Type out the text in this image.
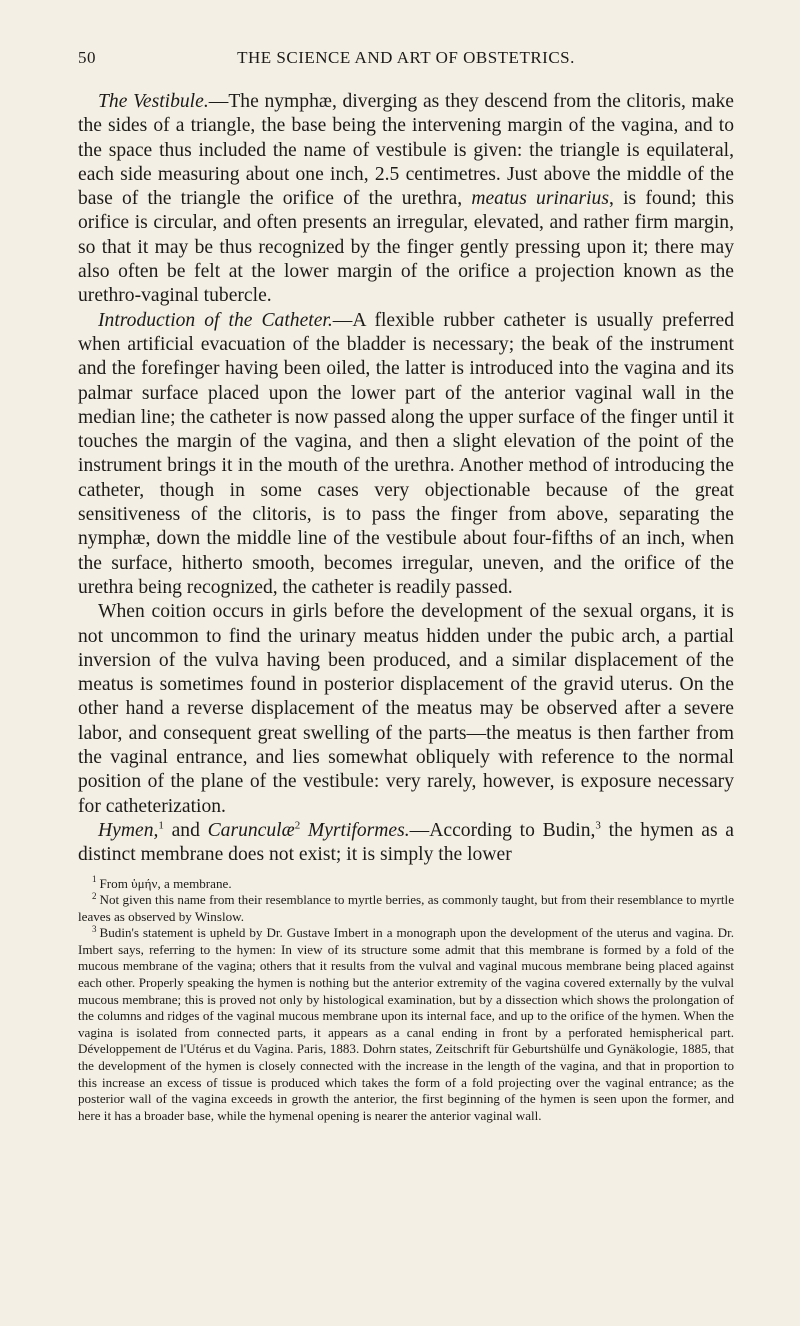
50	THE SCIENCE AND ART OF OBSTETRICS.

The Vestibule.—The nymphæ, diverging as they descend from the clitoris, make the sides of a triangle, the base being the intervening margin of the vagina, and to the space thus included the name of vestibule is given: the triangle is equilateral, each side measuring about one inch, 2.5 centimetres. Just above the middle of the base of the triangle the orifice of the urethra, meatus urinarius, is found; this orifice is circular, and often presents an irregular, elevated, and rather firm margin, so that it may be thus recognized by the finger gently pressing upon it; there may also often be felt at the lower margin of the orifice a projection known as the urethro-vaginal tubercle.

Introduction of the Catheter.—A flexible rubber catheter is usually preferred when artificial evacuation of the bladder is necessary; the beak of the instrument and the forefinger having been oiled, the latter is introduced into the vagina and its palmar surface placed upon the lower part of the anterior vaginal wall in the median line; the catheter is now passed along the upper surface of the finger until it touches the margin of the vagina, and then a slight elevation of the point of the instrument brings it in the mouth of the urethra. Another method of introducing the catheter, though in some cases very objectionable because of the great sensitiveness of the clitoris, is to pass the finger from above, separating the nymphæ, down the middle line of the vestibule about four-fifths of an inch, when the surface, hitherto smooth, becomes irregular, uneven, and the orifice of the urethra being recognized, the catheter is readily passed.

When coition occurs in girls before the development of the sexual organs, it is not uncommon to find the urinary meatus hidden under the pubic arch, a partial inversion of the vulva having been produced, and a similar displacement of the meatus is sometimes found in posterior displacement of the gravid uterus. On the other hand a reverse displacement of the meatus may be observed after a severe labor, and consequent great swelling of the parts—the meatus is then farther from the vaginal entrance, and lies somewhat obliquely with reference to the normal position of the plane of the vestibule: very rarely, however, is exposure necessary for catheterization.

Hymen,$^1$ and Carunculæ$^2$ Myrtiformes.—According to Budin,$^3$ the hymen as a distinct membrane does not exist; it is simply the lower

$^1$ From ὑμήν, a membrane.

$^2$ Not given this name from their resemblance to myrtle berries, as commonly taught, but from their resemblance to myrtle leaves as observed by Winslow.

$^3$ Budin's statement is upheld by Dr. Gustave Imbert in a monograph upon the development of the uterus and vagina. Dr. Imbert says, referring to the hymen: In view of its structure some admit that this membrane is formed by a fold of the mucous membrane of the vagina; others that it results from the vulval and vaginal mucous membrane being placed against each other. Properly speaking the hymen is nothing but the anterior extremity of the vagina covered externally by the vulval mucous membrane; this is proved not only by histological examination, but by a dissection which shows the prolongation of the columns and ridges of the vaginal mucous membrane upon its internal face, and up to the orifice of the hymen. When the vagina is isolated from connected parts, it appears as a canal ending in front by a perforated hemispherical part. Développement de l'Utérus et du Vagina. Paris, 1883. Dohrn states, Zeitschrift für Geburtshülfe und Gynäkologie, 1885, that the development of the hymen is closely connected with the increase in the length of the vagina, and that in proportion to this increase an excess of tissue is produced which takes the form of a fold projecting over the vaginal entrance; as the posterior wall of the vagina exceeds in growth the anterior, the first beginning of the hymen is seen upon the former, and here it has a broader base, while the hymenal opening is nearer the anterior vaginal wall.
